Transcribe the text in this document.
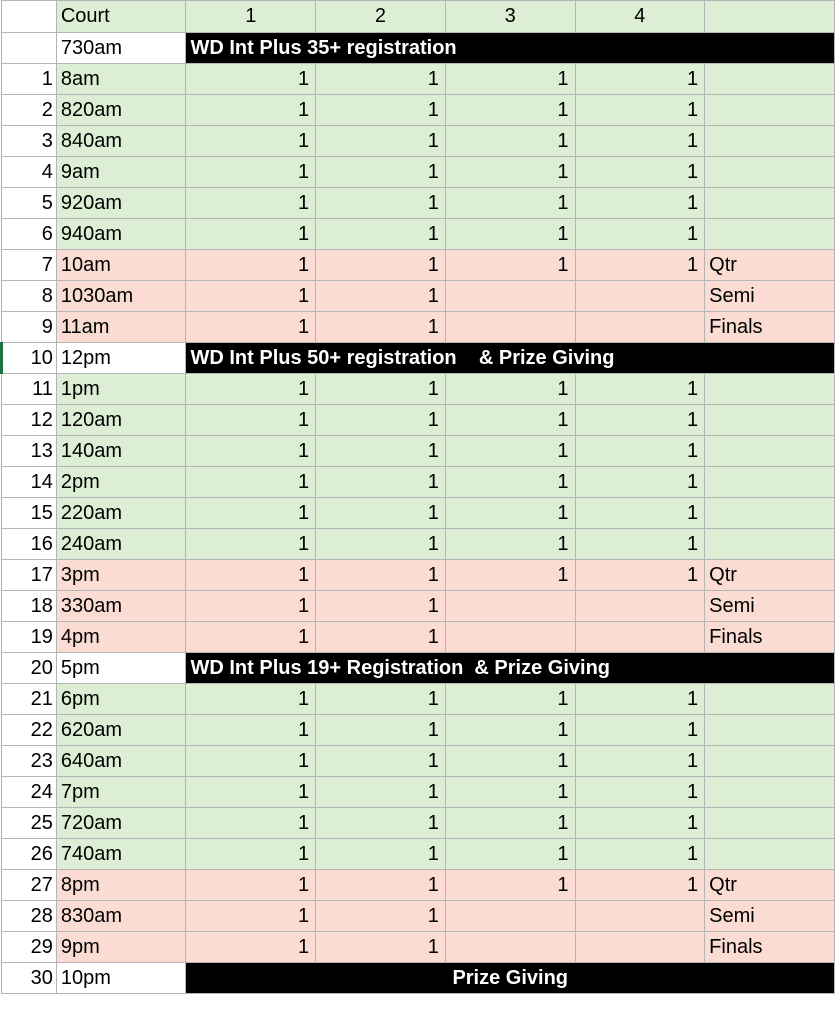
	Court	1	2	3	4	
	730am	WD Int Plus 35+ registration				
1	8am	1	1	1	1	
2	820am	1	1	1	1	
3	840am	1	1	1	1	
4	9am	1	1	1	1	
5	920am	1	1	1	1	
6	940am	1	1	1	1	
7	10am	1	1	1	1	Qtr
8	1030am	1	1			Semi
9	11am	1	1			Finals
10	12pm	WD Int Plus 50+ registration    & Prize Giving				
11	1pm	1	1	1	1	
12	120am	1	1	1	1	
13	140am	1	1	1	1	
14	2pm	1	1	1	1	
15	220am	1	1	1	1	
16	240am	1	1	1	1	
17	3pm	1	1	1	1	Qtr
18	330am	1	1			Semi
19	4pm	1	1			Finals
20	5pm	WD Int Plus 19+ Registration  & Prize Giving				
21	6pm	1	1	1	1	
22	620am	1	1	1	1	
23	640am	1	1	1	1	
24	7pm	1	1	1	1	
25	720am	1	1	1	1	
26	740am	1	1	1	1	
27	8pm	1	1	1	1	Qtr
28	830am	1	1			Semi
29	9pm	1	1			Finals
30	10pm	Prize Giving				
